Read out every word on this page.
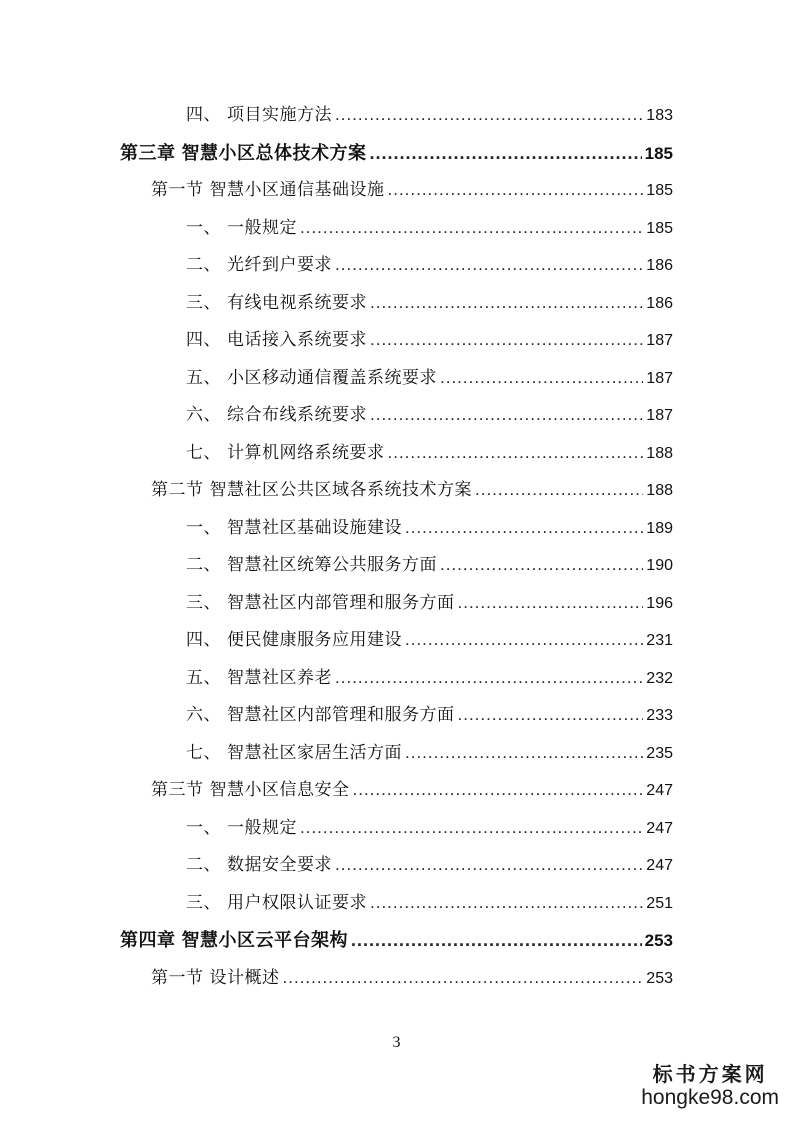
四、 项目实施方法 .....	183
第三章 智慧小区总体技术方案 .....	185
第一节 智慧小区通信基础设施 .....	185
一、 一般规定 .....	185
二、 光纤到户要求 .....	186
三、 有线电视系统要求 .....	186
四、 电话接入系统要求 .....	187
五、 小区移动通信覆盖系统要求 .....	187
六、 综合布线系统要求 .....	187
七、 计算机网络系统要求 .....	188
第二节 智慧社区公共区域各系统技术方案 .....	188
一、 智慧社区基础设施建设 .....	189
二、 智慧社区统筹公共服务方面 .....	190
三、 智慧社区内部管理和服务方面 .....	196
四、 便民健康服务应用建设 .....	231
五、 智慧社区养老 .....	232
六、 智慧社区内部管理和服务方面 .....	233
七、 智慧社区家居生活方面 .....	235
第三节 智慧小区信息安全 .....	247
一、 一般规定 .....	247
二、 数据安全要求 .....	247
三、 用户权限认证要求 .....	251
第四章 智慧小区云平台架构 .....	253
第一节 设计概述 .....	253
3
标书方案网
hongke98.com
